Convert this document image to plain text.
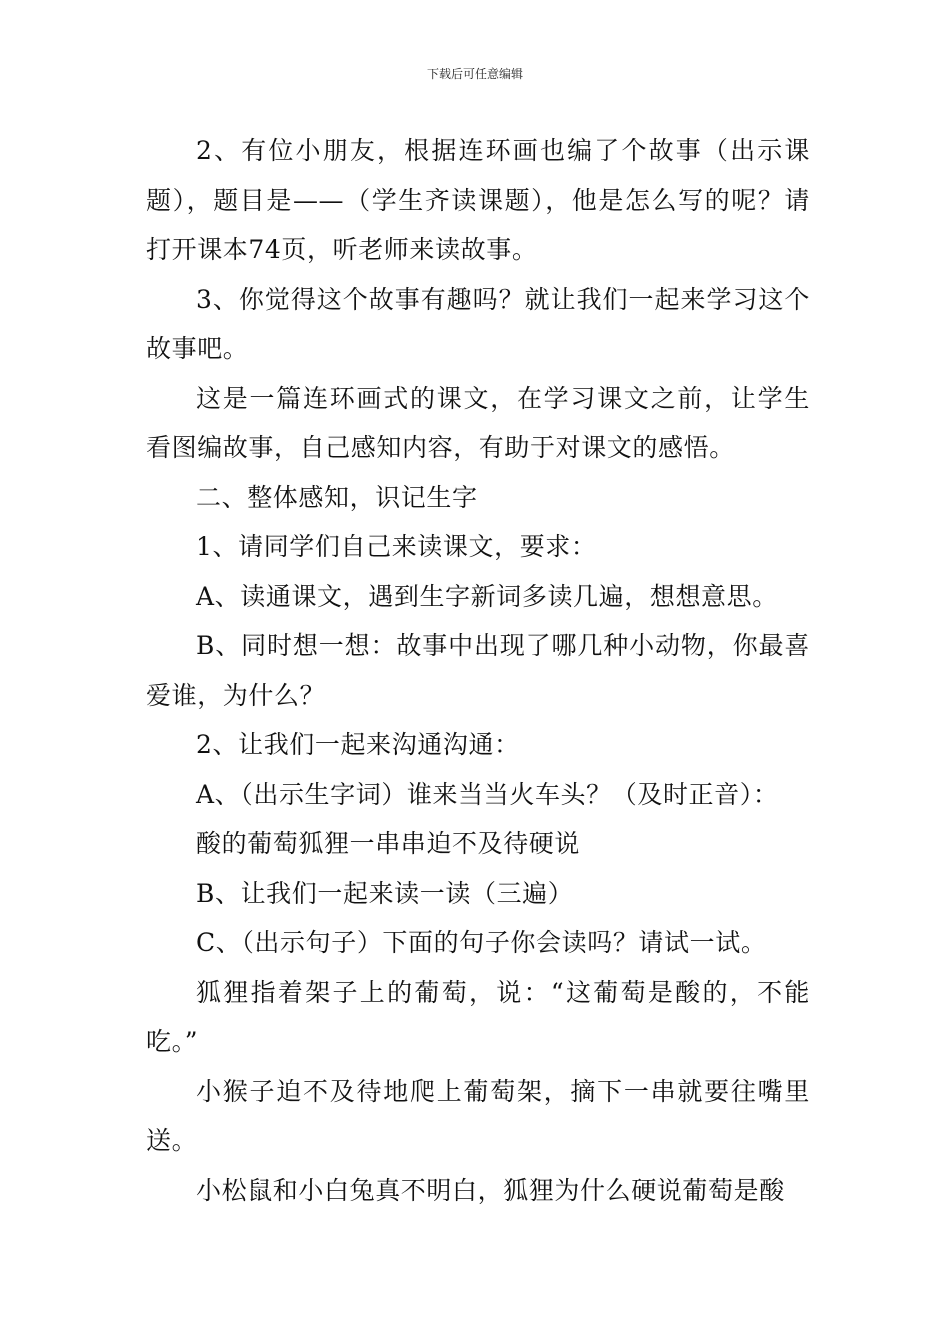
下载后可任意编辑

2、有位小朋友，根据连环画也编了个故事（出示课题），题目是——（学生齐读课题），他是怎么写的呢？请打开课本74页，听老师来读故事。

3、你觉得这个故事有趣吗？就让我们一起来学习这个故事吧。

这是一篇连环画式的课文，在学习课文之前，让学生看图编故事，自己感知内容，有助于对课文的感悟。

二、整体感知，识记生字

1、请同学们自己来读课文，要求：

A、读通课文，遇到生字新词多读几遍，想想意思。

B、同时想一想：故事中出现了哪几种小动物，你最喜爱谁，为什么？

2、让我们一起来沟通沟通：

A、（出示生字词）谁来当当火车头？（及时正音）：

酸的葡萄狐狸一串串迫不及待硬说

B、让我们一起来读一读（三遍）

C、（出示句子）下面的句子你会读吗？请试一试。

狐狸指着架子上的葡萄，说：“这葡萄是酸的，不能吃。”

小猴子迫不及待地爬上葡萄架，摘下一串就要往嘴里送。

小松鼠和小白兔真不明白，狐狸为什么硬说葡萄是酸
